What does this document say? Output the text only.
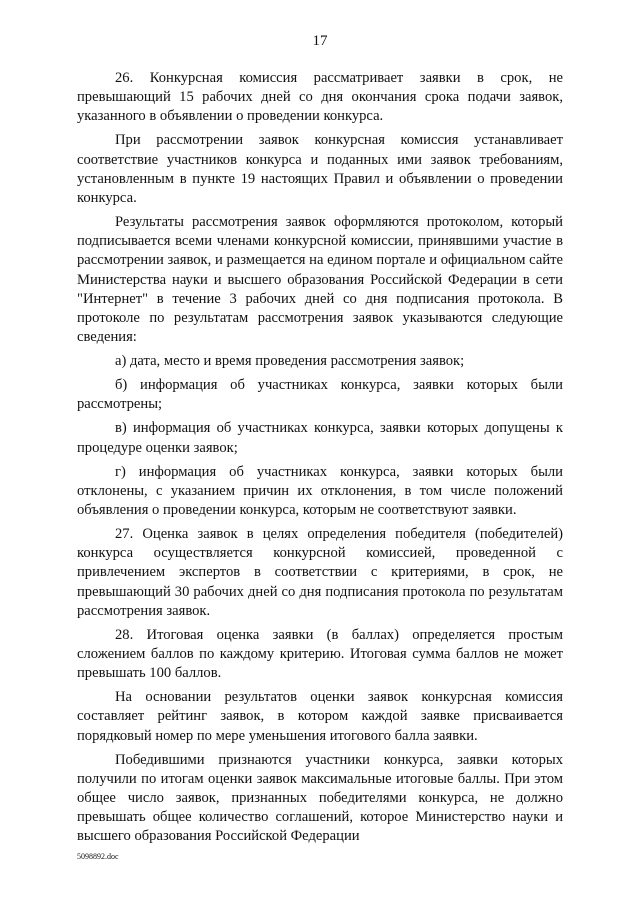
17

26. Конкурсная комиссия рассматривает заявки в срок, не превышающий 15 рабочих дней со дня окончания срока подачи заявок, указанного в объявлении о проведении конкурса.

При рассмотрении заявок конкурсная комиссия устанавливает соответствие участников конкурса и поданных ими заявок требованиям, установленным в пункте 19 настоящих Правил и объявлении о проведении конкурса.

Результаты рассмотрения заявок оформляются протоколом, который подписывается всеми членами конкурсной комиссии, принявшими участие в рассмотрении заявок, и размещается на едином портале и официальном сайте Министерства науки и высшего образования Российской Федерации в сети "Интернет" в течение 3 рабочих дней со дня подписания протокола. В протоколе по результатам рассмотрения заявок указываются следующие сведения:

а) дата, место и время проведения рассмотрения заявок;

б) информация об участниках конкурса, заявки которых были рассмотрены;

в) информация об участниках конкурса, заявки которых допущены к процедуре оценки заявок;

г) информация об участниках конкурса, заявки которых были отклонены, с указанием причин их отклонения, в том числе положений объявления о проведении конкурса, которым не соответствуют заявки.

27. Оценка заявок в целях определения победителя (победителей) конкурса осуществляется конкурсной комиссией, проведенной с привлечением экспертов в соответствии с критериями, в срок, не превышающий 30 рабочих дней со дня подписания протокола по результатам рассмотрения заявок.

28. Итоговая оценка заявки (в баллах) определяется простым сложением баллов по каждому критерию. Итоговая сумма баллов не может превышать 100 баллов.

На основании результатов оценки заявок конкурсная комиссия составляет рейтинг заявок, в котором каждой заявке присваивается порядковый номер по мере уменьшения итогового балла заявки.

Победившими признаются участники конкурса, заявки которых получили по итогам оценки заявок максимальные итоговые баллы. При этом общее число заявок, признанных победителями конкурса, не должно превышать общее количество соглашений, которое Министерство науки и высшего образования Российской Федерации

5098892.doc
